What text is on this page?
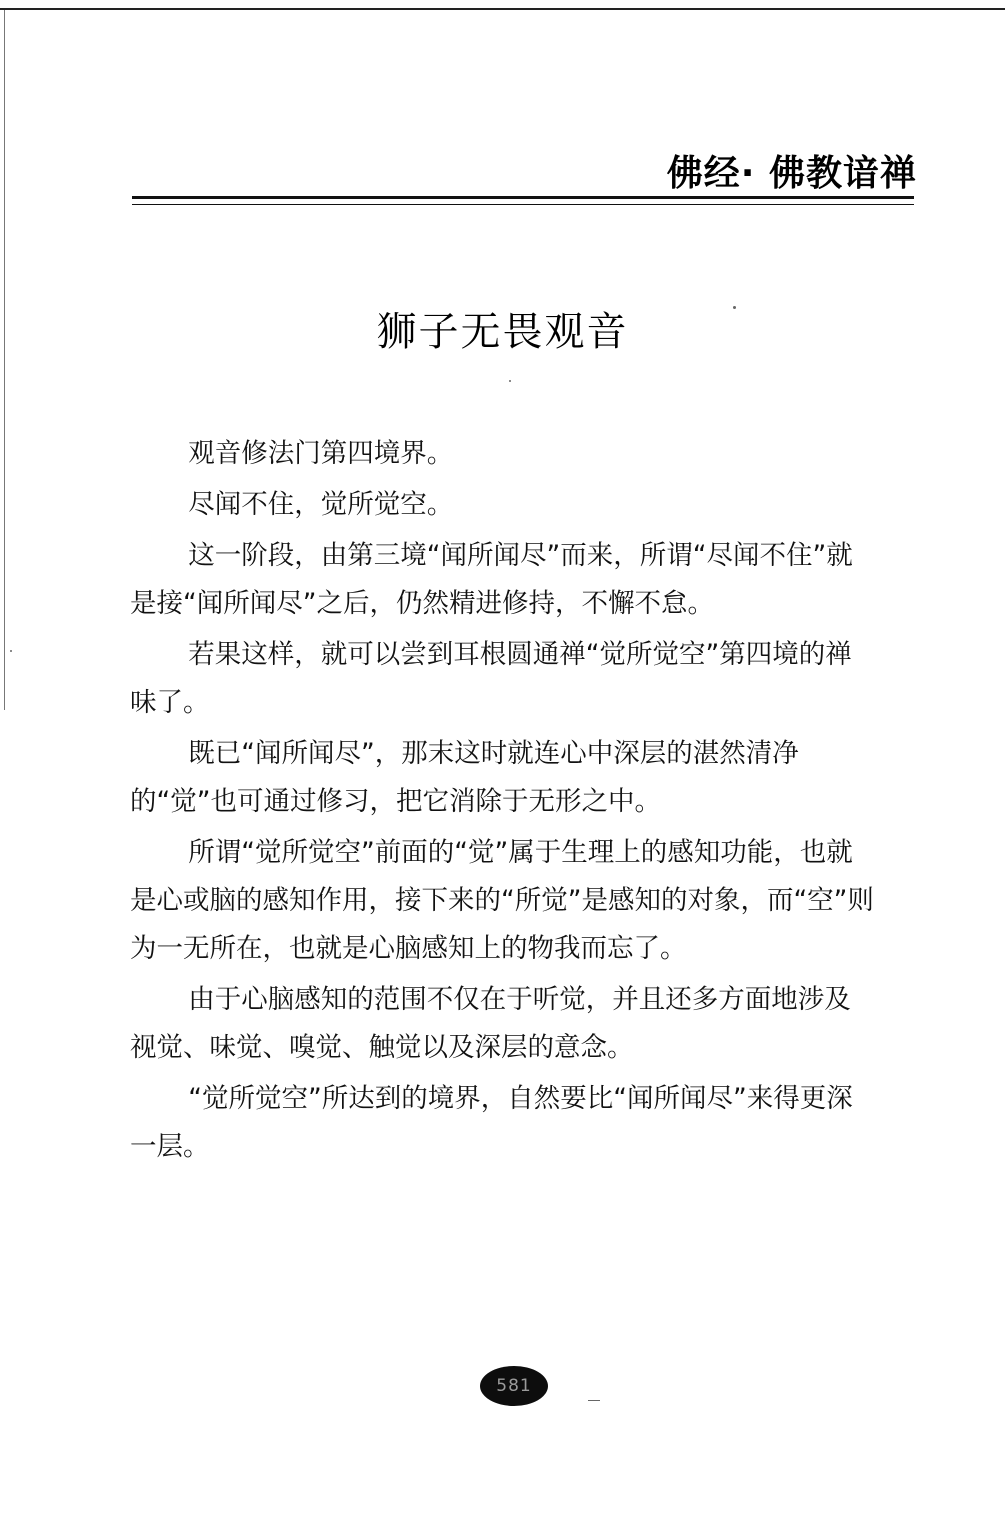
佛经· 佛教谙禅
狮子无畏观音

观音修法门第四境界。

尽闻不住，觉所觉空。

这一阶段，由第三境“闻所闻尽”而来，所谓“尽闻不住”就是接“闻所闻尽”之后，仍然精进修持，不懈不怠。

若果这样，就可以尝到耳根圆通禅“觉所觉空”第四境的禅味了。

既已“闻所闻尽”，那末这时就连心中深层的湛然清净的“觉”也可通过修习，把它消除于无形之中。

所谓“觉所觉空”前面的“觉”属于生理上的感知功能，也就是心或脑的感知作用，接下来的“所觉”是感知的对象，而“空”则为一无所在，也就是心脑感知上的物我而忘了。

由于心脑感知的范围不仅在于听觉，并且还多方面地涉及视觉、味觉、嗅觉、触觉以及深层的意念。

“觉所觉空”所达到的境界，自然要比“闻所闻尽”来得更深一层。

581
